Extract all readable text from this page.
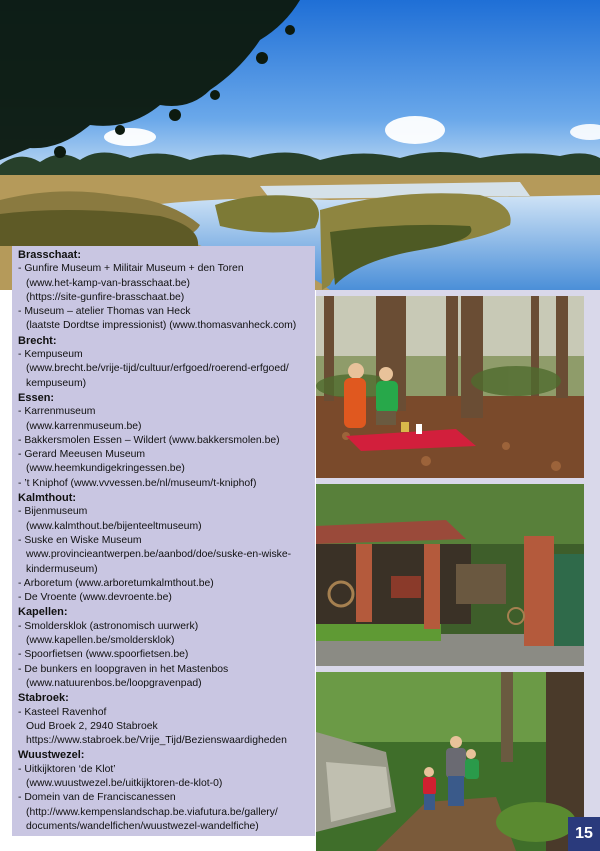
Brasschaat:

- Gunfire Museum + Militair Museum + den Toren
(www.het-kamp-van-brasschaat.be)
(https://site-gunfire-brasschaat.be)

- Museum – atelier Thomas van Heck
(laatste Dordtse impressionist) (www.thomasvanheck.com)

Brecht:

- Kempuseum
(www.brecht.be/vrije-tijd/cultuur/erfgoed/roerend-erfgoed/
kempuseum)

Essen:

- Karrenmuseum
(www.karrenmuseum.be)

- Bakkersmolen Essen – Wildert (www.bakkersmolen.be)

- Gerard Meeusen Museum
(www.heemkundigekringessen.be)

- ’t Kniphof (www.vvvessen.be/nl/museum/t-kniphof)

Kalmthout:

- Bijenmuseum
(www.kalmthout.be/bijenteeltmuseum)

- Suske en Wiske Museum
www.provincieantwerpen.be/aanbod/doe/suske-en-wiske-
kindermuseum)

- Arboretum (www.arboretumkalmthout.be)

- De Vroente (www.devroente.be)

Kapellen:

- Smoldersklok (astronomisch uurwerk)
(www.kapellen.be/smoldersklok)

- Spoorfietsen (www.spoorfietsen.be)

- De bunkers en loopgraven in het Mastenbos
(www.natuurenbos.be/loopgravenpad)

Stabroek:

- Kasteel Ravenhof
Oud Broek 2, 2940 Stabroek
https://www.stabroek.be/Vrije_Tijd/Bezienswaardigheden

Wuustwezel:

- Uitkijktoren ‘de Klot’
(www.wuustwezel.be/uitkijktoren-de-klot-0)

- Domein van de Franciscanessen
(http://www.kempenslandschap.be.viafutura.be/gallery/
documents/wandelfichen/wuustwezel-wandelfiche)	15
